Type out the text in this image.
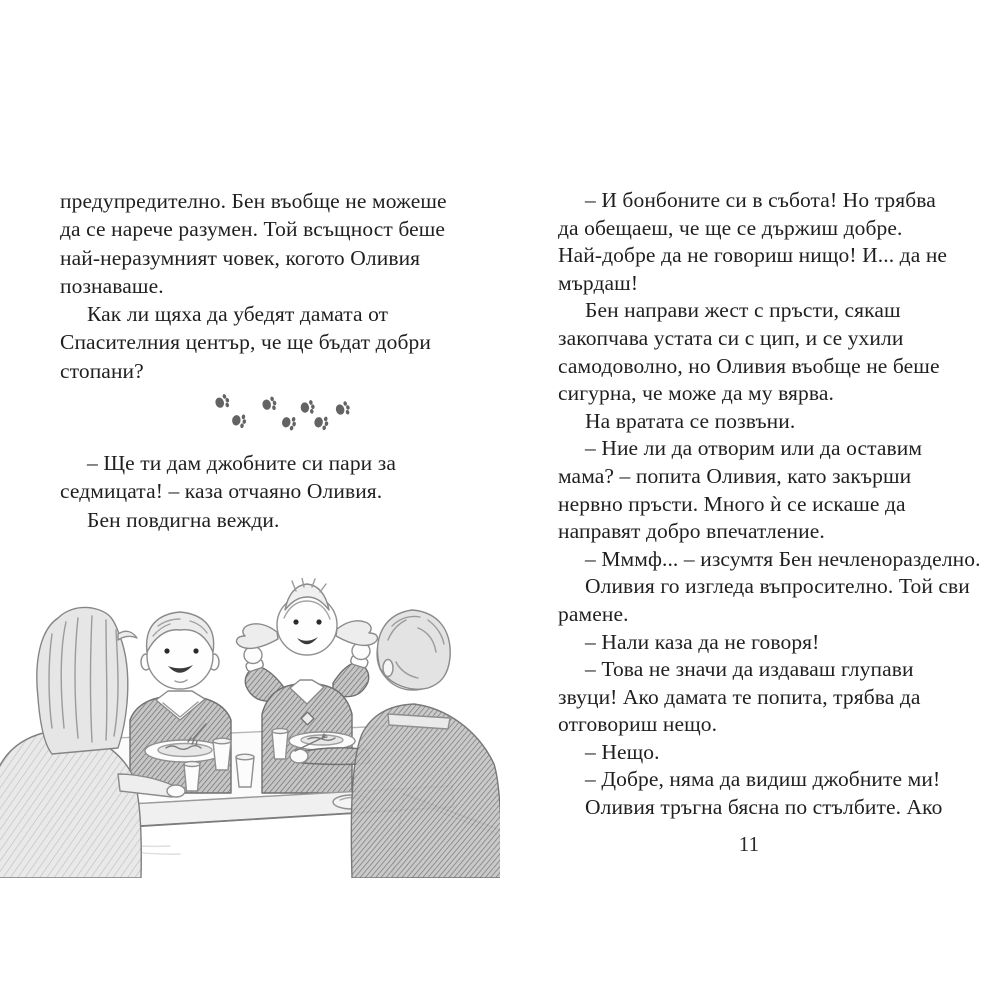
предупредително. Бен въобще не можеше
да се нарече разумен. Той всъщност беше
най-неразумният човек, когото Оливия
познаваше.
Как ли щяха да убедят дамата от
Спасителния център, че ще бъдат добри
стопани?
– Ще ти дам джобните си пари за
седмицата! – каза отчаяно Оливия.
Бен повдигна вежди.
– И бонбоните си в събота! Но трябва
да обещаеш, че ще се държиш добре.
Най-добре да не говориш нищо! И... да не
мърдаш!
Бен направи жест с пръсти, сякаш
закопчава устата си с цип, и се ухили
самодоволно, но Оливия въобще не беше
сигурна, че може да му вярва.
На вратата се позвъни.
– Ние ли да отворим или да оставим
мама? – попита Оливия, като закърши
нервно пръсти. Много ѝ се искаше да
направят добро впечатление.
– Мммф... – изсумтя Бен нечленоразделно.
Оливия го изгледа въпросително. Той сви
рамене.
– Нали каза да не говоря!
– Това не значи да издаваш глупави
звуци! Ако дамата те попита, трябва да
отговориш нещо.
– Нещо.
– Добре, няма да видиш джобните ми!
Оливия тръгна бясна по стълбите. Ако
11
